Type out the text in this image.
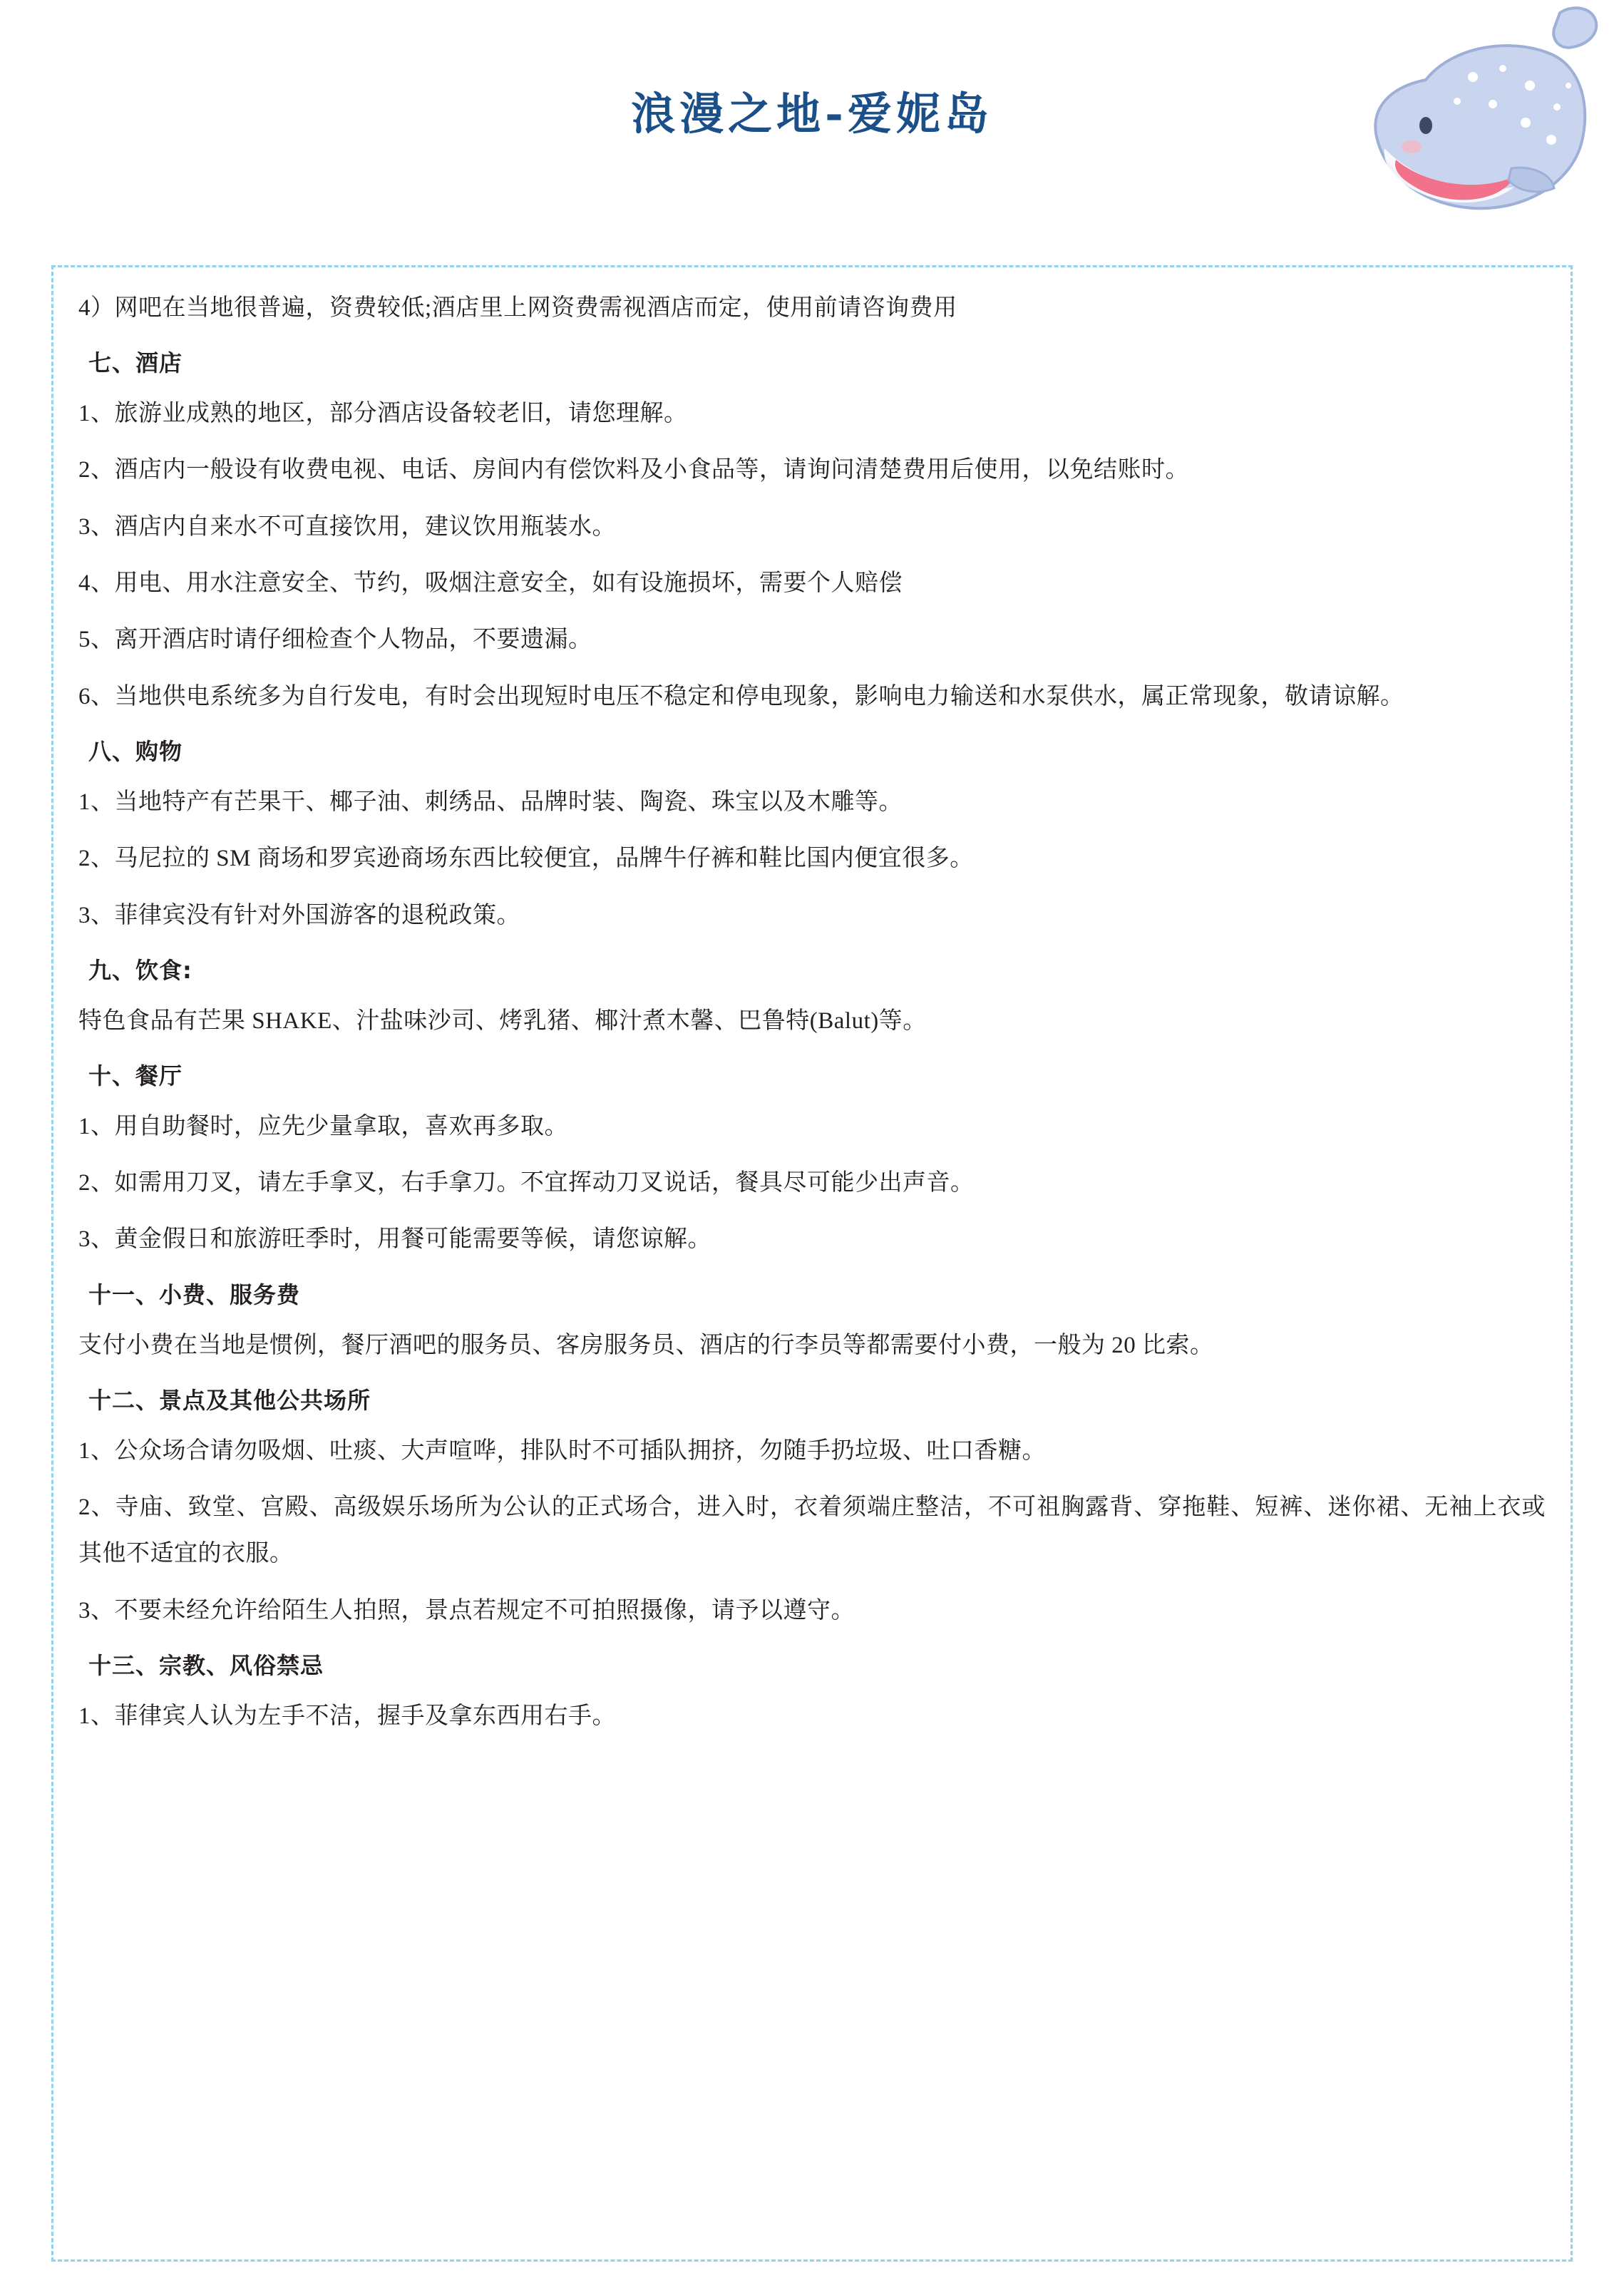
浪漫之地-爱妮岛

4）网吧在当地很普遍，资费较低;酒店里上网资费需视酒店而定，使用前请咨询费用

七、酒店

1、旅游业成熟的地区，部分酒店设备较老旧，请您理解。

2、酒店内一般设有收费电视、电话、房间内有偿饮料及小食品等，请询问清楚费用后使用，以免结账时。

3、酒店内自来水不可直接饮用，建议饮用瓶装水。

4、用电、用水注意安全、节约，吸烟注意安全，如有设施损坏，需要个人赔偿

5、离开酒店时请仔细检查个人物品，不要遗漏。

6、当地供电系统多为自行发电，有时会出现短时电压不稳定和停电现象，影响电力输送和水泵供水，属正常现象，敬请谅解。

八、购物

1、当地特产有芒果干、椰子油、刺绣品、品牌时装、陶瓷、珠宝以及木雕等。

2、马尼拉的 SM 商场和罗宾逊商场东西比较便宜，品牌牛仔裤和鞋比国内便宜很多。

3、菲律宾没有针对外国游客的退税政策。

九、饮食:

特色食品有芒果 SHAKE、汁盐味沙司、烤乳猪、椰汁煮木馨、巴鲁特(Balut)等。

十、餐厅

1、用自助餐时，应先少量拿取，喜欢再多取。

2、如需用刀叉，请左手拿叉，右手拿刀。不宜挥动刀叉说话，餐具尽可能少出声音。

3、黄金假日和旅游旺季时，用餐可能需要等候，请您谅解。

十一、小费、服务费

支付小费在当地是惯例，餐厅酒吧的服务员、客房服务员、酒店的行李员等都需要付小费，一般为 20 比索。

十二、景点及其他公共场所

1、公众场合请勿吸烟、吐痰、大声喧哗，排队时不可插队拥挤，勿随手扔垃圾、吐口香糖。

2、寺庙、致堂、宫殿、高级娱乐场所为公认的正式场合，进入时，衣着须端庄整洁，不可祖胸露背、穿拖鞋、短裤、迷你裙、无袖上衣或其他不适宜的衣服。

3、不要未经允许给陌生人拍照，景点若规定不可拍照摄像，请予以遵守。

十三、宗教、风俗禁忌

1、菲律宾人认为左手不洁，握手及拿东西用右手。
